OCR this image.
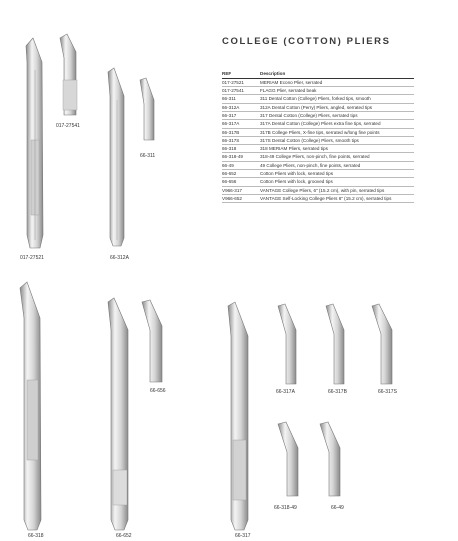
COLLEGE (COTTON) PLIERS
REF	Description
017-27521	MERIAM Econo Plier, serrated
017-27541	FLAGG Plier, serrated beak
66-311	311 Dental Cotton (College) Pliers, forked tips, smooth
66-312A	312A Dental Cotton (Perry) Pliers, angled, serrated tips
66-317	317 Dental Cotton (College) Pliers, serrated tips
66-317A	317A Dental Cotton (College) Pliers extra fine tips, serrated
66-317B	317B College Pliers, X-fine tips, serrated w/long fine points
66-317S	317S Dental Cotton (College) Pliers, smooth tips
66-318	318 MERIAM Pliers, serrated tips
66-318-49	318-49 College Pliers, non-pinch, fine points, serrated
66-49	49 College Pliers, non-pinch, fine points, serrated
66-652	Cotton Pliers with lock, serrated tips
66-656	Cotton Pliers with lock, grooved tips
V966-317	VANTAGE College Pliers, 6" (15.2 cm), with pin, serrated tips
V966-652	VANTAGE Self-Locking College Pliers 6" (15.2 cm), serrated tips
017-27541
66-311
017-27521	66-312A
66-656	66-317A	66-317B	66-317S
66-318-49	66-49
66-318	66-652	66-317
